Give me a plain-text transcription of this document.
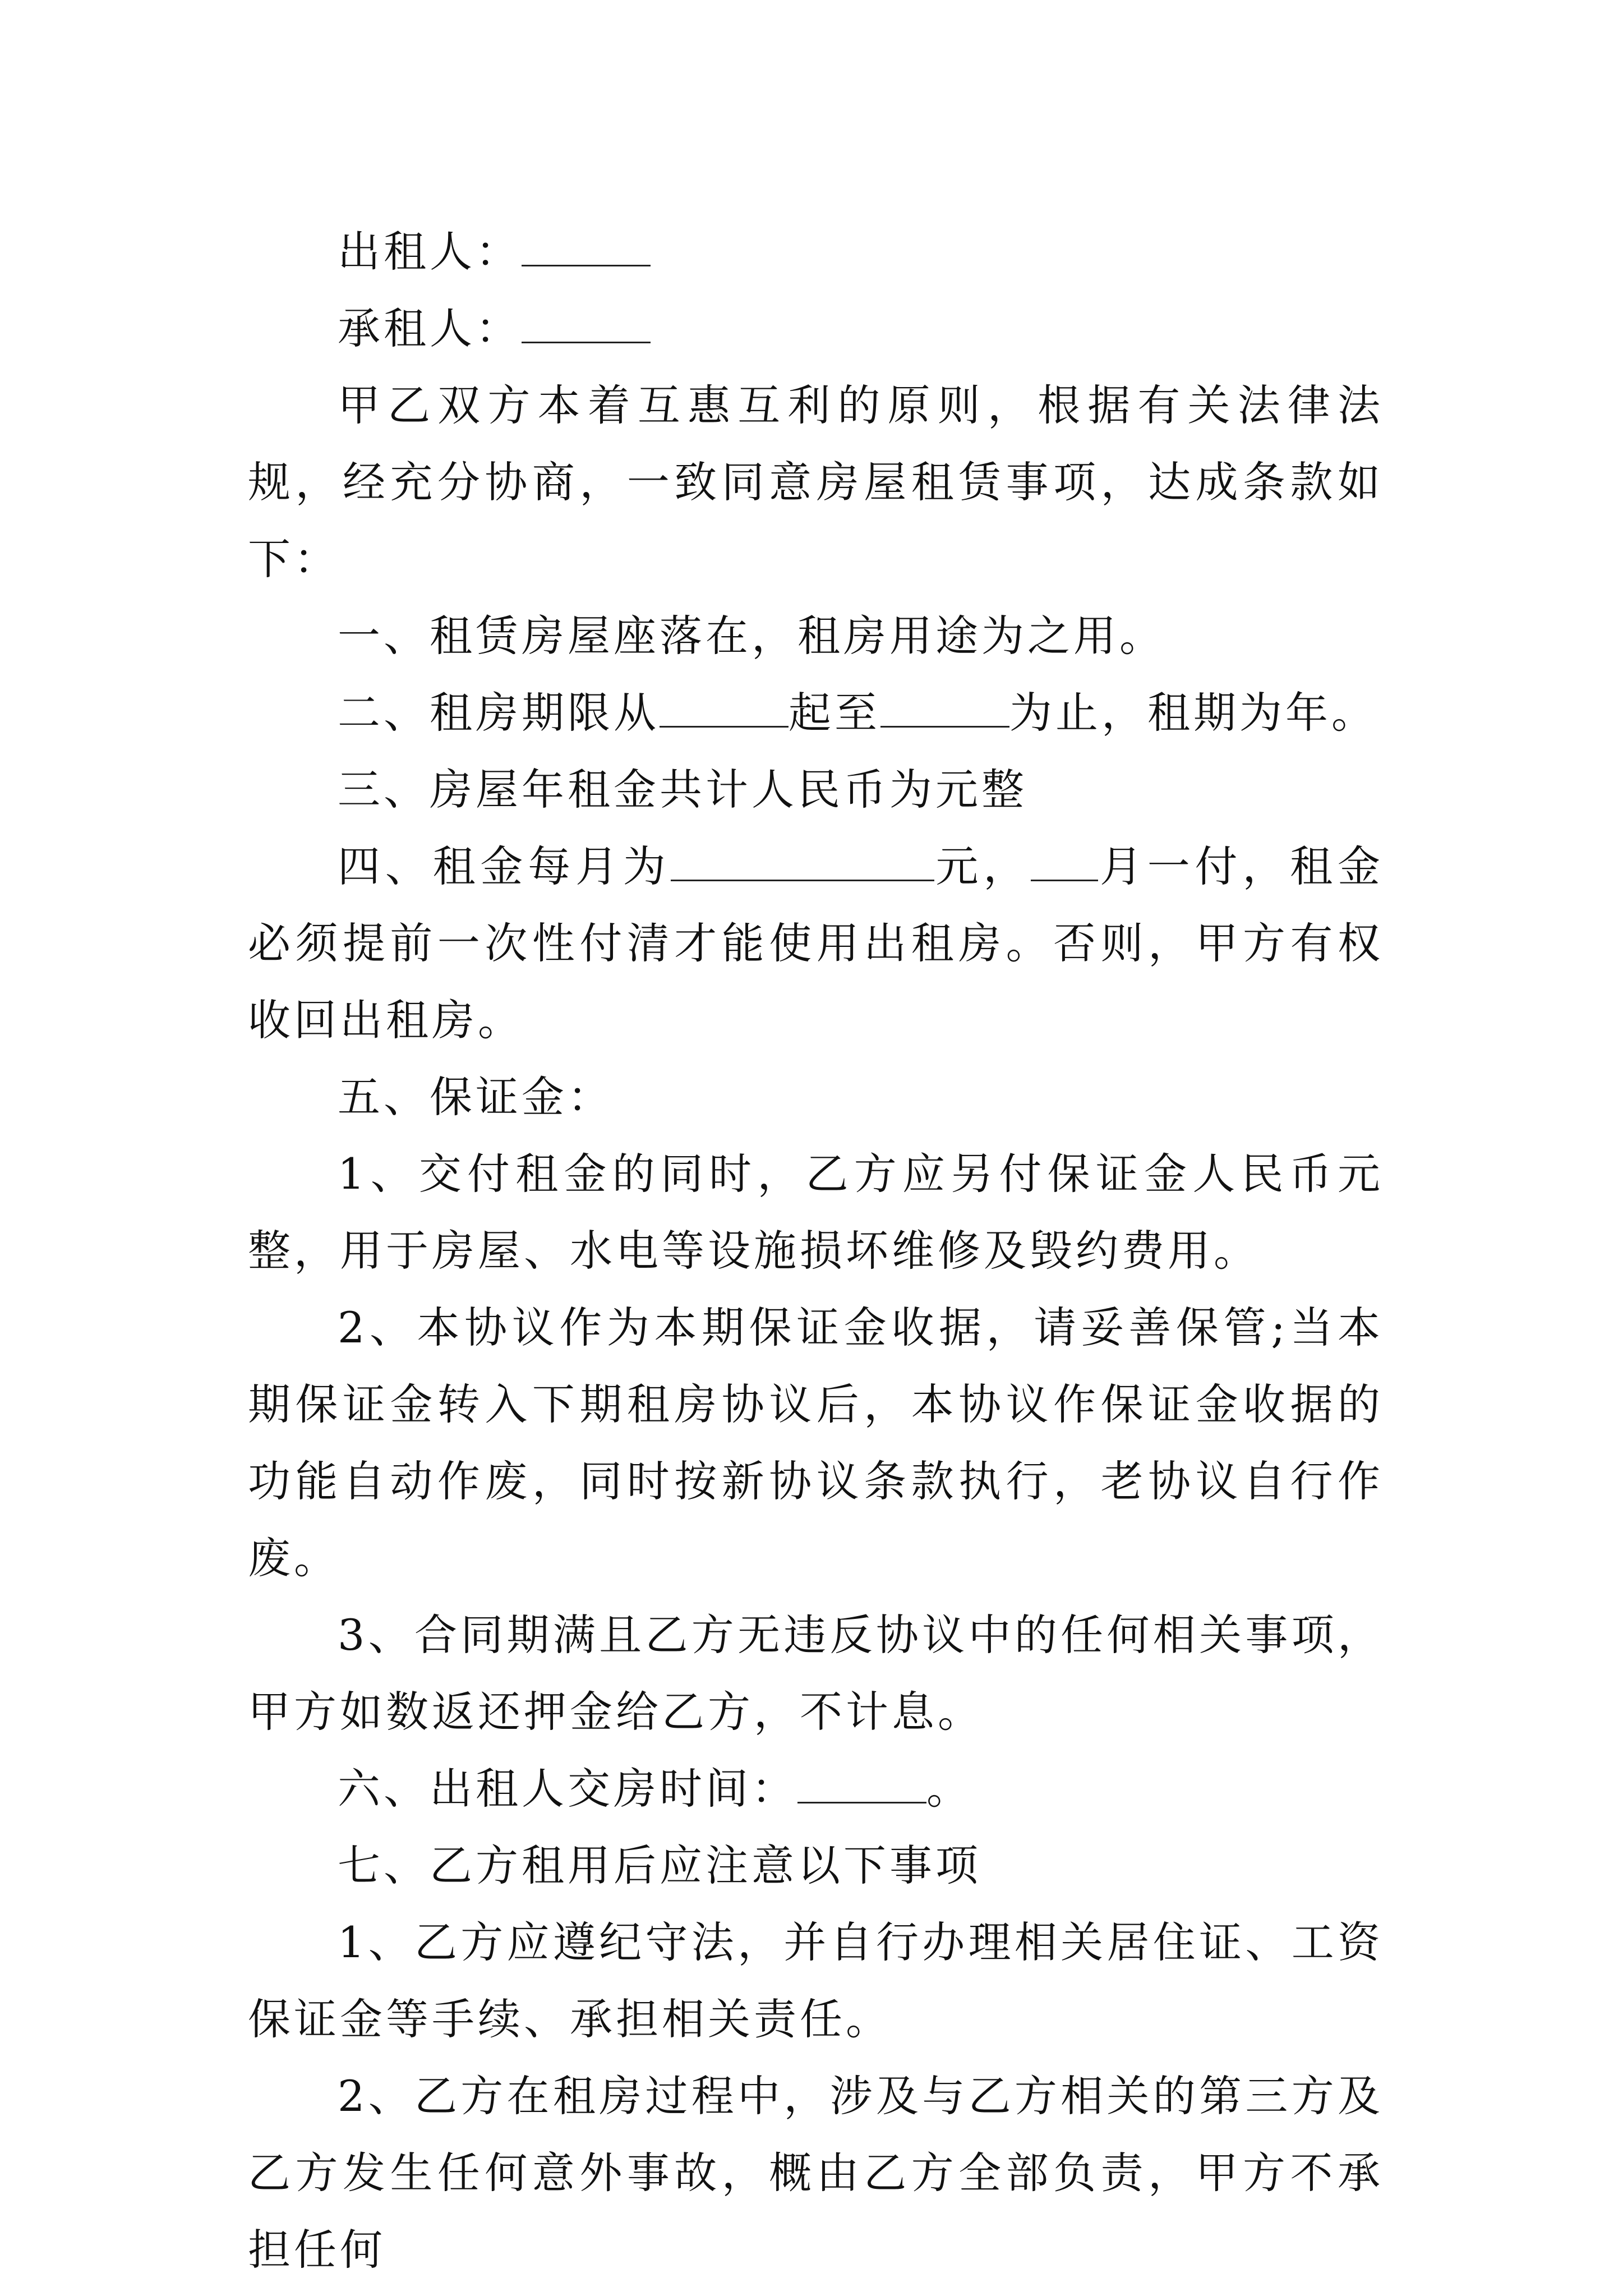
出租人：

承租人：

甲乙双方本着互惠互利的原则，根据有关法律法规，经充分协商，一致同意房屋租赁事项，达成条款如下：

一、租赁房屋座落在，租房用途为之用。

二、租房期限从	起至	为止，租期为年。

三、房屋年租金共计人民币为元整

四、租金每月为	元， 月一付，租金必须提前一次性付清才能使用出租房。否则，甲方有权收回出租房。

五、保证金：

1、交付租金的同时，乙方应另付保证金人民币元整，用于房屋、水电等设施损坏维修及毁约费用。

2、本协议作为本期保证金收据，请妥善保管;当本期保证金转入下期租房协议后，本协议作保证金收据的功能自动作废，同时按新协议条款执行，老协议自行作废。

3、合同期满且乙方无违反协议中的任何相关事项，甲方如数返还押金给乙方，不计息。

六、出租人交房时间：	。

七、乙方租用后应注意以下事项

1、乙方应遵纪守法，并自行办理相关居住证、工资保证金等手续、承担相关责任。

2、乙方在租房过程中，涉及与乙方相关的第三方及乙方发生任何意外事故，概由乙方全部负责，甲方不承担任何
